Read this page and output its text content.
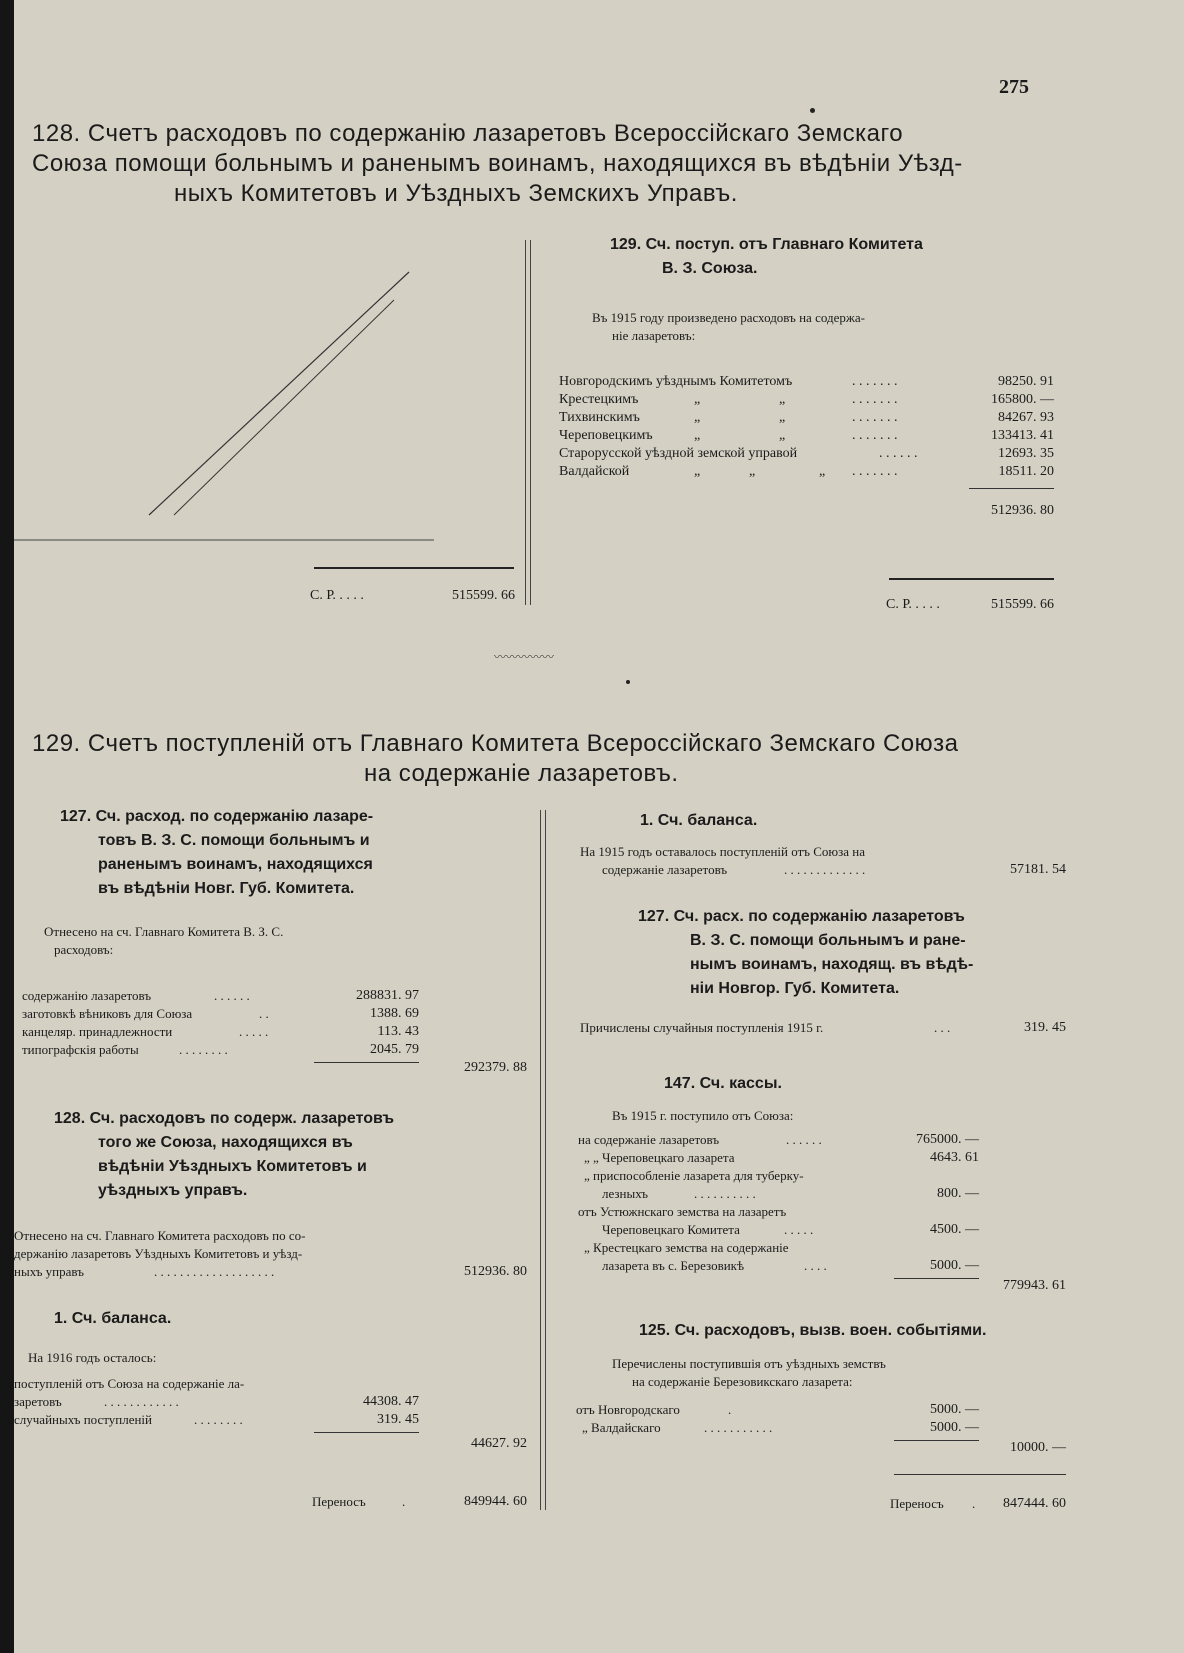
275
128. Счетъ расходовъ по содержанію лазаретовъ Всероссійскаго Земскаго
Союза помощи больнымъ и раненымъ воинамъ, находящихся въ вѣдѣніи Уѣзд-
ныхъ Комитетовъ и Уѣздныхъ Земскихъ Управъ.
С. Р. . . . .	515599. 66
129. Сч. поступ. отъ Главнаго Комитета
В. З. Союза.
Въ 1915 году произведено расходовъ на содержа-
ніе лазаретовъ:
Новгородскимъ уѣзднымъ Комитетомъ	. . . . . . .	98250. 91
Крестецкимъ	„	„	. . . . . . .	165800. —
Тихвинскимъ	„	„	. . . . . . .	84267. 93
Череповецкимъ	„	„	. . . . . . .	133413. 41
Старорусской уѣздной земской управой	. . . . . .	12693. 35
Валдайской	„	„	„ . . . . . . .	18511. 20
512936. 80
С. Р. . . . .	515599. 66
〰〰〰〰〰
129. Счетъ поступленій отъ Главнаго Комитета Всероссійскаго Земскаго Союза
на содержаніе лазаретовъ.
127. Сч. расход. по содержанію лазаре-
товъ В. З. С. помощи больнымъ и
раненымъ воинамъ, находящихся
въ вѣдѣніи Новг. Губ. Комитета.
Отнесено на сч. Главнаго Комитета В. З. С.
расходовъ:
содержанію лазаретовъ	. . . . . .	288831. 97
заготовкѣ вѣниковъ для Союза	. .	1388. 69
канцеляр. принадлежности	. . . . .	113. 43
типографскія работы	. . . . . . . .	2045. 79
292379. 88
128. Сч. расходовъ по содерж. лазаретовъ
того же Союза, находящихся въ
вѣдѣніи Уѣздныхъ Комитетовъ и
уѣздныхъ управъ.
Отнесено на сч. Главнаго Комитета расходовъ по со-
держанію лазаретовъ Уѣздныхъ Комитетовъ и уѣзд-
ныхъ управъ	. . . . . . . . . . . . . . . . . . .	512936. 80
1. Сч. баланса.
На 1916 годъ осталось:
поступленій отъ Союза на содержаніе ла-
заретовъ	. . . . . . . . . . . .	44308. 47
случайныхъ поступленій	. . . . . . . .	319. 45
44627. 92
Переносъ	.	849944. 60
1. Сч. баланса.
На 1915 годъ оставалось поступленій отъ Союза на
содержаніе лазаретовъ	. . . . . . . . . . . . .	57181. 54
127. Сч. расх. по содержанію лазаретовъ
В. З. С. помощи больнымъ и ране-
нымъ воинамъ, находящ. въ вѣдѣ-
ніи Новгор. Губ. Комитета.
Причислены случайныя поступленія 1915 г.	. . .	319. 45
147. Сч. кассы.
Въ 1915 г. поступило отъ Союза:
на содержаніе лазаретовъ	. . . . . .	765000. —
„ „ Череповецкаго лазарета	4643. 61
„ приспособленіе лазарета для туберку-
лезныхъ	. . . . . . . . . .	800. —
отъ Устюжнскаго земства на лазаретъ
Череповецкаго Комитета	. . . . .	4500. —
„ Крестецкаго земства на содержаніе
лазарета въ с. Березовикѣ	. . . .	5000. —
779943. 61
125. Сч. расходовъ, вызв. воен. событіями.
Перечислены поступившія отъ уѣздныхъ земствъ
на содержаніе Березовикскаго лазарета:
отъ Новгородскаго	.	5000. —
„ Валдайскаго	. . . . . . . . . . .	5000. —
10000. —
Переносъ .	847444. 60
